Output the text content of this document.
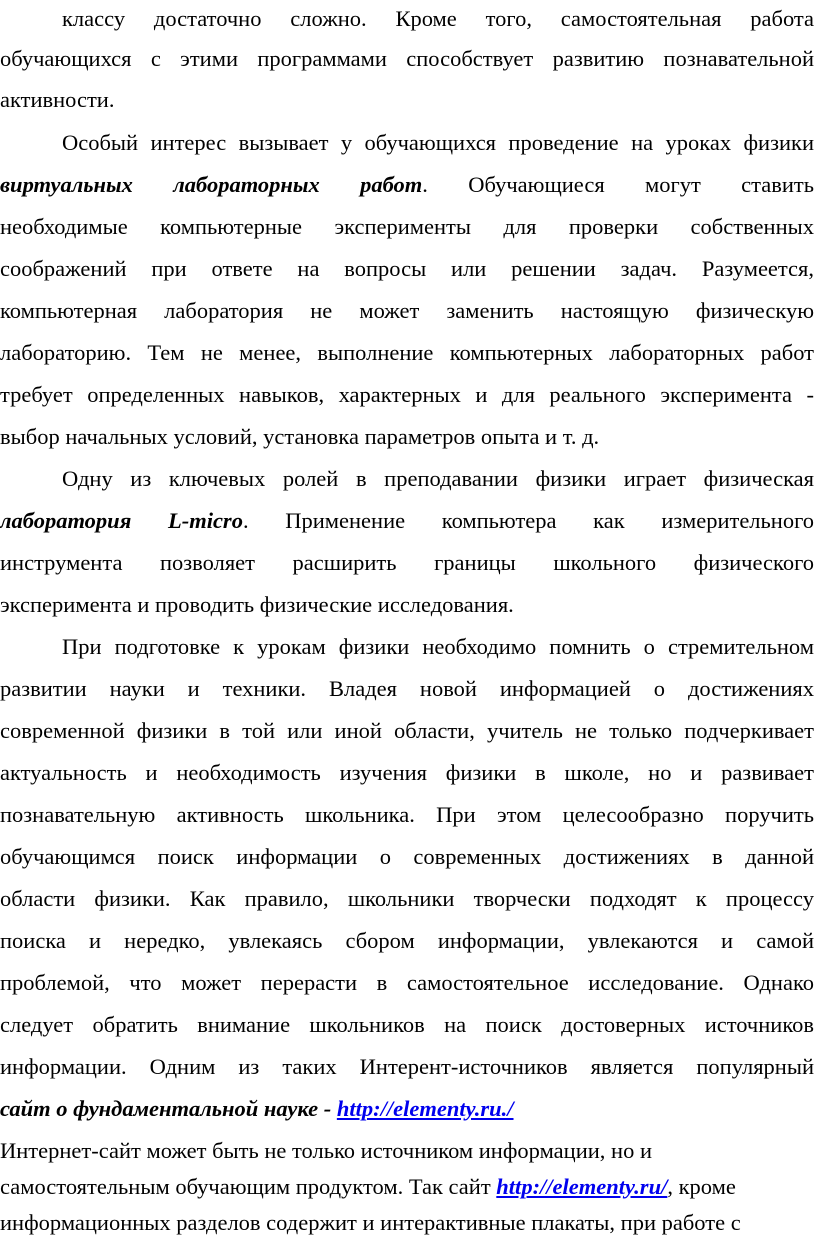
классу достаточно сложно. Кроме того, самостоятельная работа
обучающихся с этими программами способствует развитию познавательной
активности.
Особый интерес вызывает у обучающихся проведение на уроках физики
виртуальных лабораторных работ. Обучающиеся могут ставить
необходимые компьютерные эксперименты для проверки собственных
соображений при ответе на вопросы или решении задач. Разумеется,
компьютерная лаборатория не может заменить настоящую физическую
лабораторию. Тем не менее, выполнение компьютерных лабораторных работ
требует определенных навыков, характерных и для реального эксперимента -
выбор начальных условий, установка параметров опыта и т. д.
Одну из ключевых ролей в преподавании физики играет физическая
лаборатория L-micro. Применение компьютера как измерительного
инструмента позволяет расширить границы школьного физического
эксперимента и проводить физические исследования.
При подготовке к урокам физики необходимо помнить о стремительном
развитии науки и техники. Владея новой информацией о достижениях
современной физики в той или иной области, учитель не только подчеркивает
актуальность и необходимость изучения физики в школе, но и развивает
познавательную активность школьника. При этом целесообразно поручить
обучающимся поиск информации о современных достижениях в данной
области физики. Как правило, школьники творчески подходят к процессу
поиска и нередко, увлекаясь сбором информации, увлекаются и самой
проблемой, что может перерасти в самостоятельное исследование. Однако
следует обратить внимание школьников на поиск достоверных источников
информации. Одним из таких Интерент-источников является популярный
сайт о фундаментальной науке - http://elementy.ru./
Интернет-сайт может быть не только источником информации, но и
самостоятельным обучающим продуктом. Так сайт http://elementy.ru/, кроме
информационных разделов содержит и интерактивные плакаты, при работе с
